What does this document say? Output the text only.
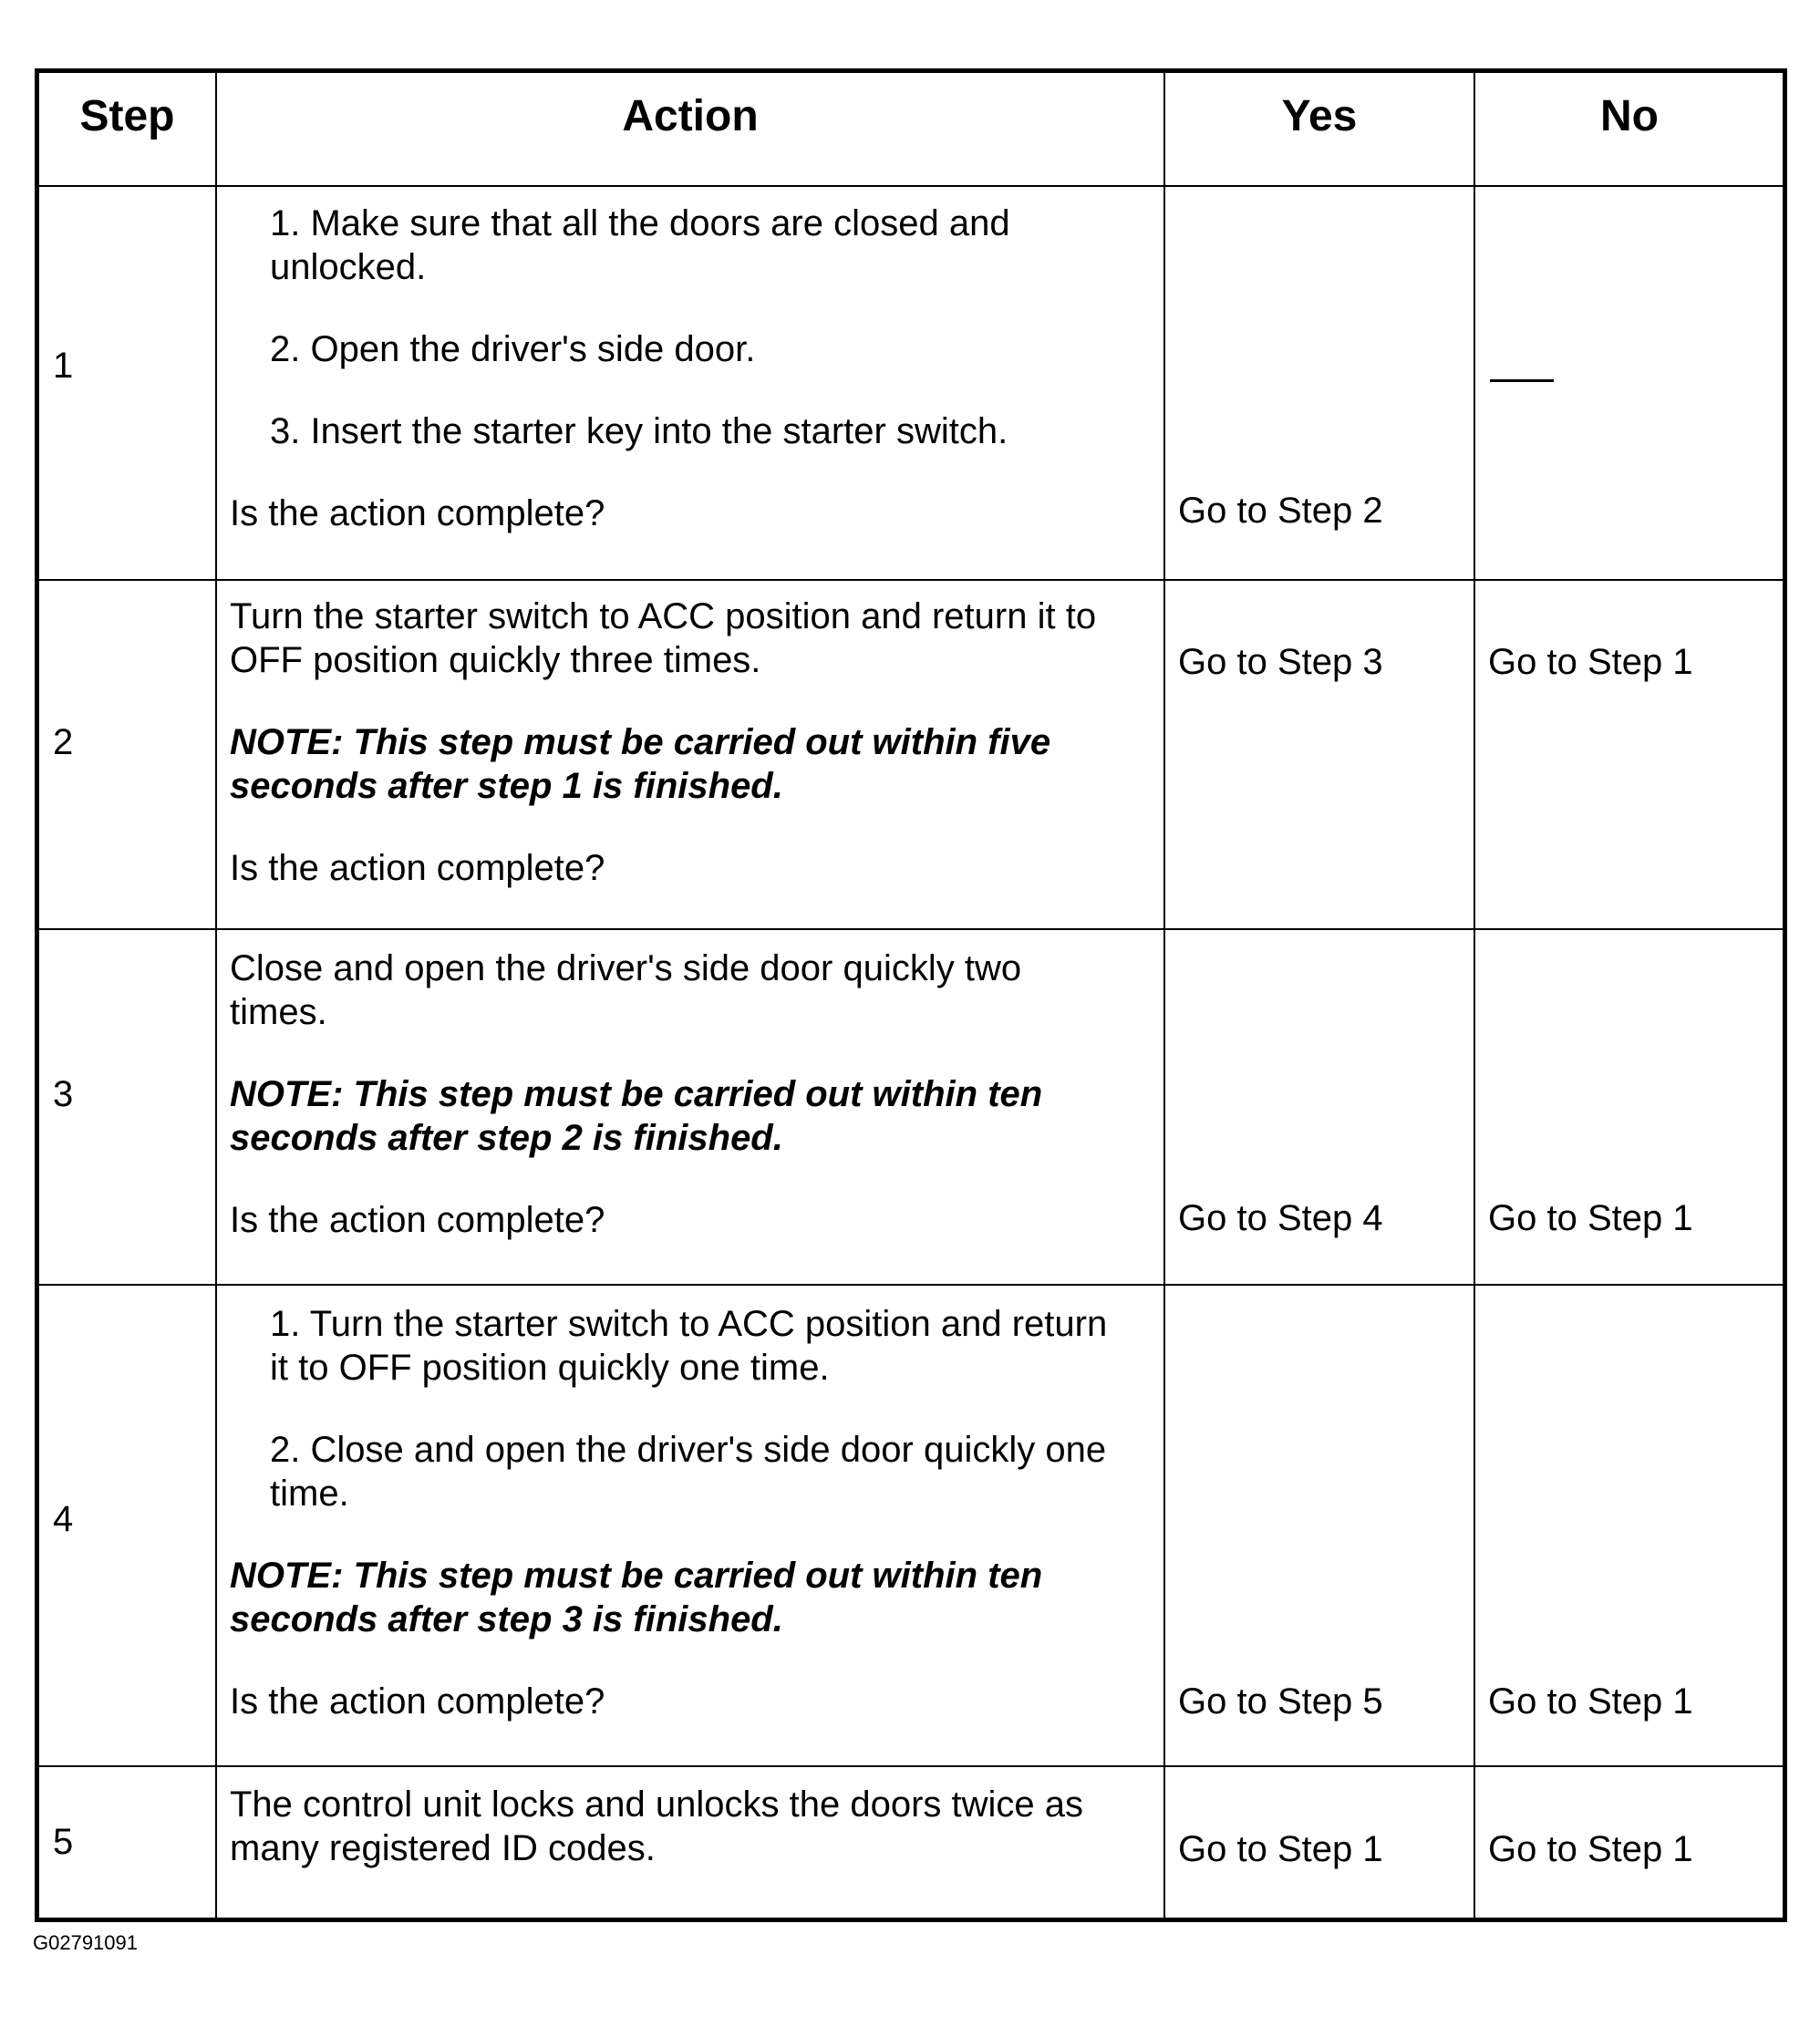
Step	Action	Yes	No
1
1. Make sure that all the doors are closed and
unlocked.
2. Open the driver's side door.
3. Insert the starter key into the starter switch.
Is the action complete?	Go to Step 2
2
Turn the starter switch to ACC position and return it to
OFF position quickly three times.
NOTE: This step must be carried out within five
seconds after step 1 is finished.
Is the action complete?
Go to Step 3	Go to Step 1
3
Close and open the driver's side door quickly two
times.
NOTE: This step must be carried out within ten
seconds after step 2 is finished.
Is the action complete?	Go to Step 4	Go to Step 1
4
1. Turn the starter switch to ACC position and return
it to OFF position quickly one time.
2. Close and open the driver's side door quickly one
time.
NOTE: This step must be carried out within ten
seconds after step 3 is finished.
Is the action complete?	Go to Step 5	Go to Step 1
5
The control unit locks and unlocks the doors twice as
many registered ID codes.	Go to Step 1	Go to Step 1
G02791091
